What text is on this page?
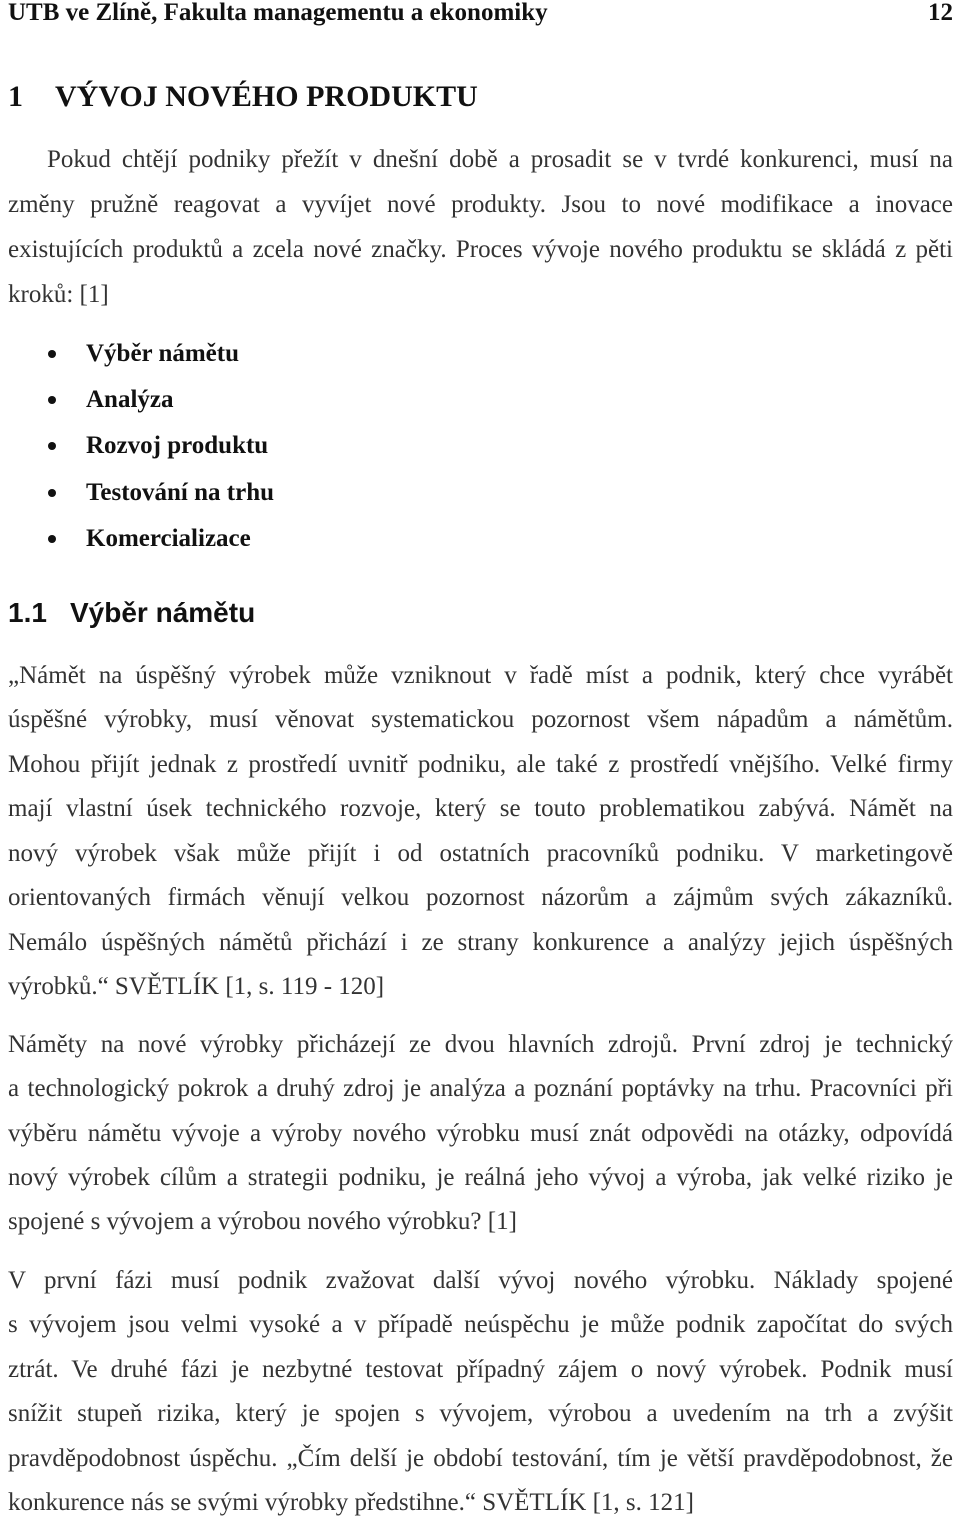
UTB ve Zlíně, Fakulta managementu a ekonomiky	12
1 VÝVOJ NOVÉHO PRODUKTU
Pokud chtějí podniky přežít v dnešní době a prosadit se v tvrdé konkurenci, musí na
změny pružně reagovat a vyvíjet nové produkty. Jsou to nové modifikace a inovace
existujících produktů a zcela nové značky. Proces vývoje nového produktu se skládá z pěti
kroků: [1]
Výběr námětu
Analýza
Rozvoj produktu
Testování na trhu
Komercializace
1.1 Výběr námětu
„Námět na úspěšný výrobek může vzniknout v řadě míst a podnik, který chce vyrábět
úspěšné výrobky, musí věnovat systematickou pozornost všem nápadům a námětům.
Mohou přijít jednak z prostředí uvnitř podniku, ale také z prostředí vnějšího. Velké firmy
mají vlastní úsek technického rozvoje, který se touto problematikou zabývá. Námět na
nový výrobek však může přijít i od ostatních pracovníků podniku. V marketingově
orientovaných firmách věnují velkou pozornost názorům a zájmům svých zákazníků.
Nemálo úspěšných námětů přichází i ze strany konkurence a analýzy jejich úspěšných
výrobků.“ SVĚTLÍK [1, s. 119 - 120]
Náměty na nové výrobky přicházejí ze dvou hlavních zdrojů. První zdroj je technický
a technologický pokrok a druhý zdroj je analýza a poznání poptávky na trhu. Pracovníci při
výběru námětu vývoje a výroby nového výrobku musí znát odpovědi na otázky, odpovídá
nový výrobek cílům a strategii podniku, je reálná jeho vývoj a výroba, jak velké riziko je
spojené s vývojem a výrobou nového výrobku? [1]
V první fázi musí podnik zvažovat další vývoj nového výrobku. Náklady spojené
s vývojem jsou velmi vysoké a v případě neúspěchu je může podnik započítat do svých
ztrát. Ve druhé fázi je nezbytné testovat případný zájem o nový výrobek. Podnik musí
snížit stupeň rizika, který je spojen s vývojem, výrobou a uvedením na trh a zvýšit
pravděpodobnost úspěchu. „Čím delší je období testování, tím je větší pravděpodobnost, že
konkurence nás se svými výrobky předstihne.“ SVĚTLÍK [1, s. 121]
